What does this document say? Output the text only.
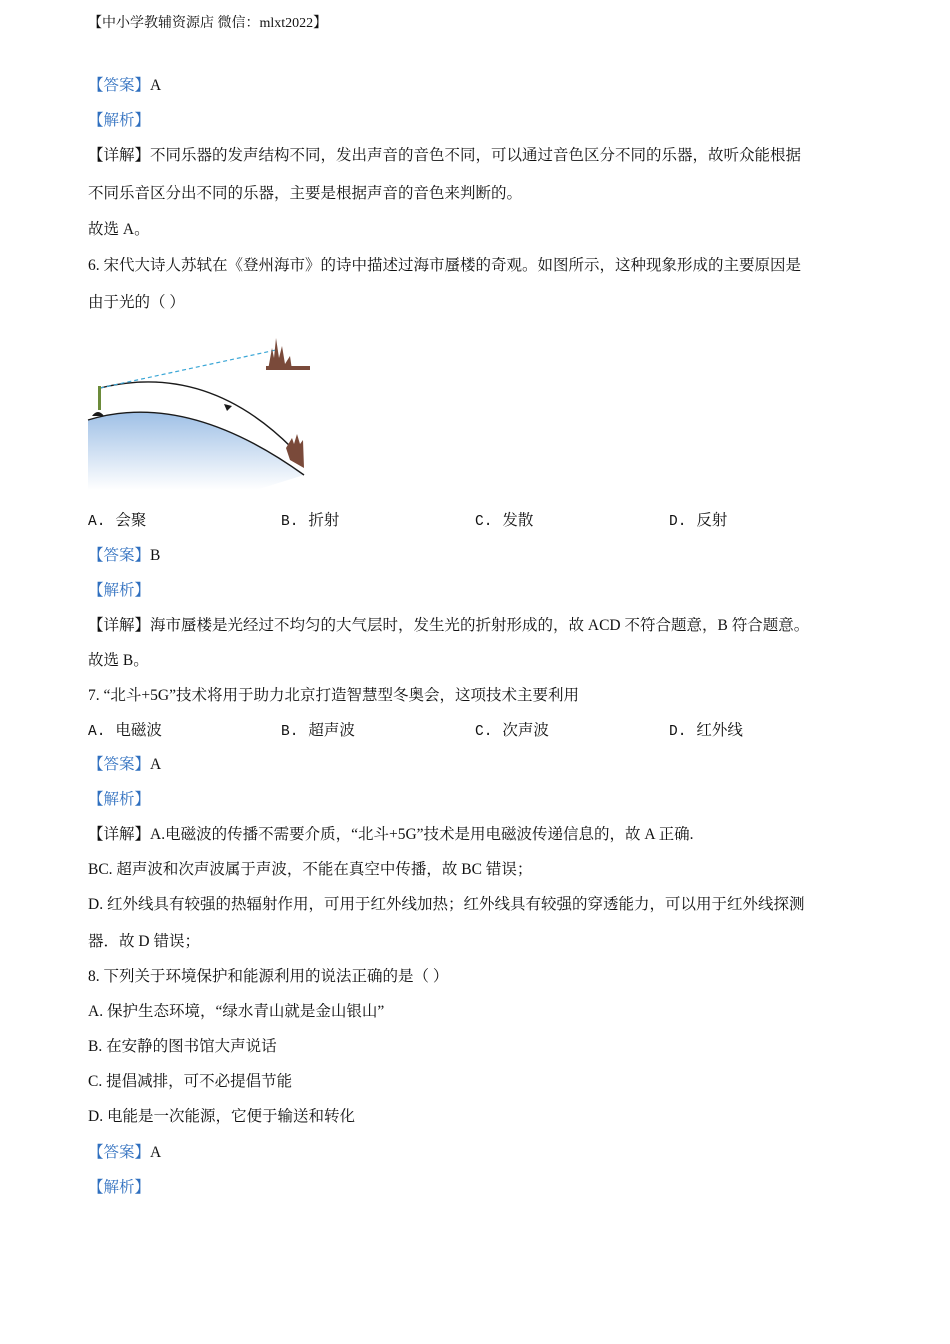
【中小学教辅资源店 微信：mlxt2022】
【答案】A
【解析】
【详解】不同乐器的发声结构不同，发出声音的音色不同，可以通过音色区分不同的乐器，故听众能根据
不同乐音区分出不同的乐器，主要是根据声音的音色来判断的。
故选 A。
6. 宋代大诗人苏轼在《登州海市》的诗中描述过海市蜃楼的奇观。如图所示，这种现象形成的主要原因是
由于光的（ ）
A. 会聚	B. 折射	C. 发散	D. 反射
【答案】B
【解析】
【详解】海市蜃楼是光经过不均匀的大气层时，发生光的折射形成的，故 ACD 不符合题意，B 符合题意。
故选 B。
7. “北斗+5G”技术将用于助力北京打造智慧型冬奥会，这项技术主要利用
A. 电磁波	B. 超声波	C. 次声波	D. 红外线
【答案】A
【解析】
【详解】A.电磁波的传播不需要介质，“北斗+5G”技术是用电磁波传递信息的，故 A 正确.
BC. 超声波和次声波属于声波，不能在真空中传播，故 BC 错误；
D. 红外线具有较强的热辐射作用，可用于红外线加热；红外线具有较强的穿透能力，可以用于红外线探测
器．故 D 错误；
8. 下列关于环境保护和能源利用的说法正确的是（ ）
A. 保护生态环境，“绿水青山就是金山银山”
B. 在安静的图书馆大声说话
C. 提倡减排，可不必提倡节能
D. 电能是一次能源，它便于输送和转化
【答案】A
【解析】
